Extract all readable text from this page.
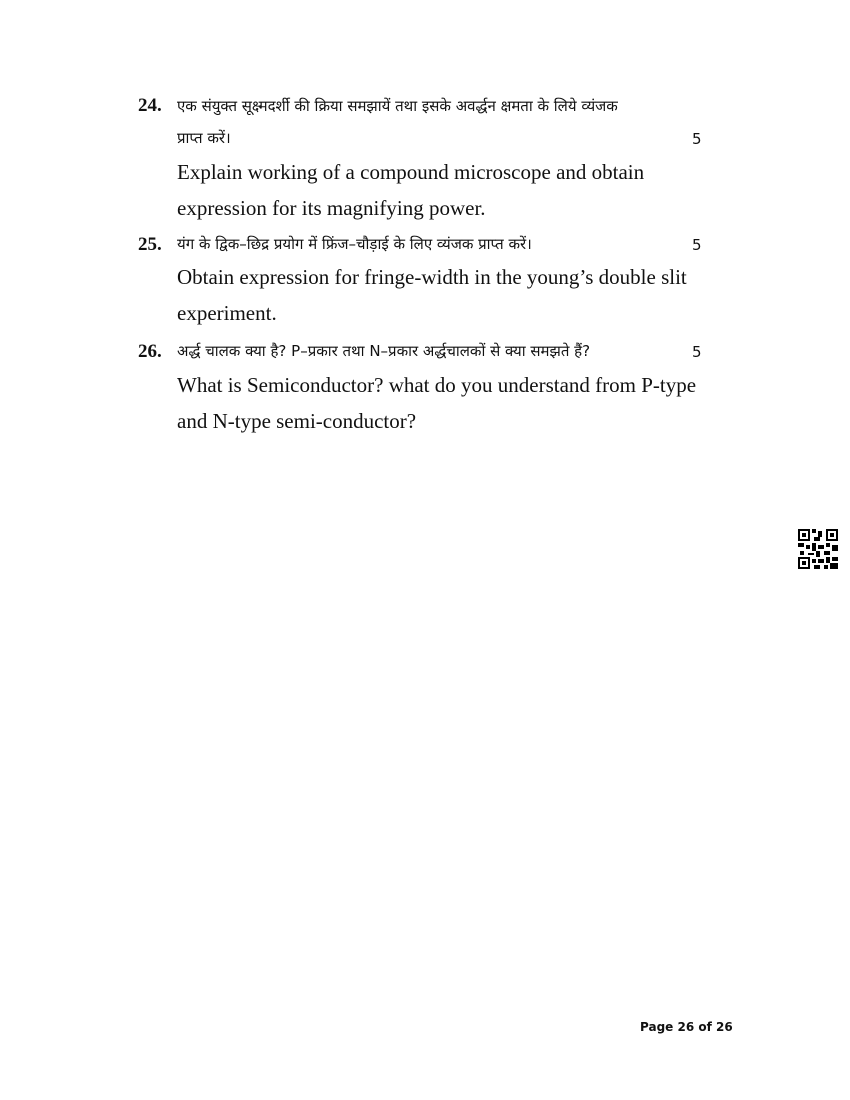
24. एक संयुक्त सूक्ष्मदर्शी की क्रिया समझायें तथा इसके अवर्द्धन क्षमता के लिये व्यंजक
प्राप्त करें।	5
Explain working of a compound microscope and obtain
expression for its magnifying power.
25. यंग के द्विक–छिद्र प्रयोग में फ्रिंज–चौड़ाई के लिए व्यंजक प्राप्त करें।	5
Obtain expression for fringe-width in the young’s double slit
experiment.
26. अर्द्ध चालक क्या है? P–प्रकार तथा N–प्रकार अर्द्धचालकों से क्या समझते हैं?	5
What is Semiconductor? what do you understand from P-type
and N-type semi-conductor?
Page 26 of 26
